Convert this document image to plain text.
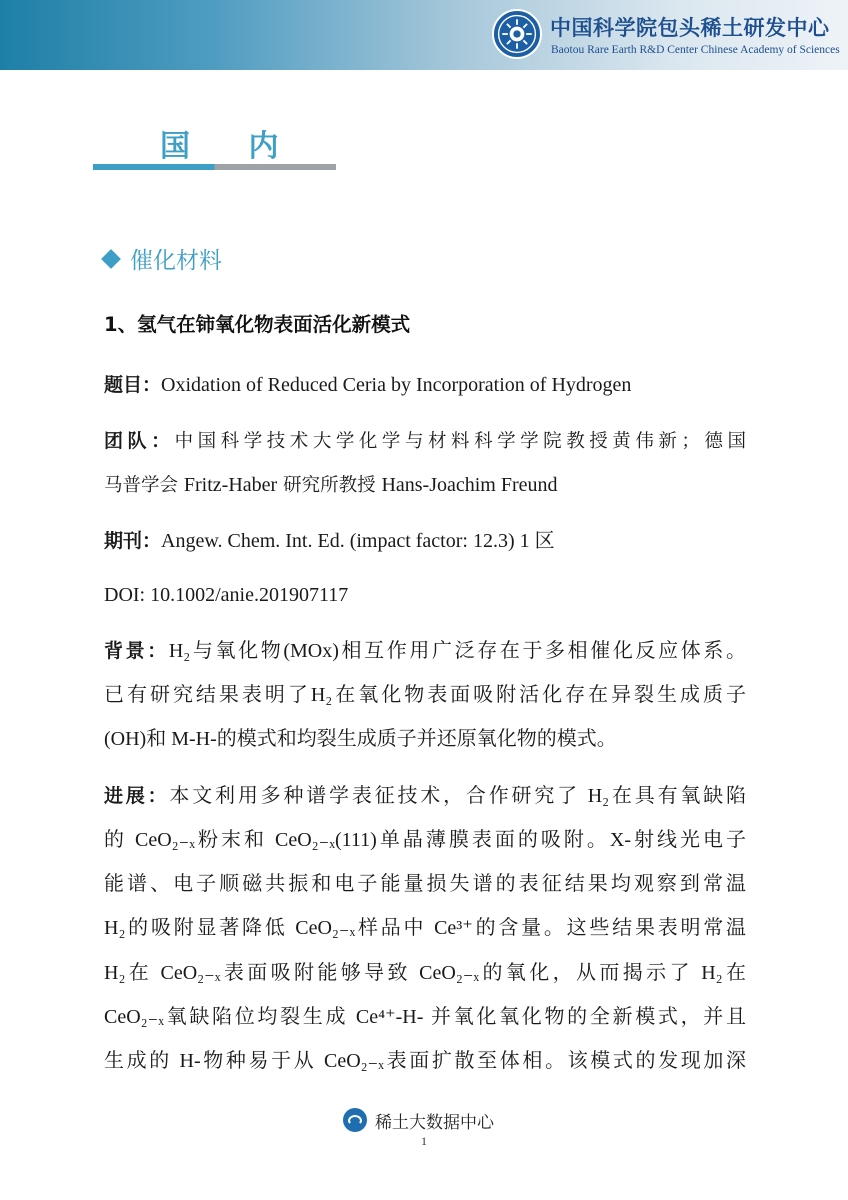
中国科学院包头稀土研发中心
Baotou Rare Earth R&D Center Chinese Academy of Sciences
国 内
催化材料
1、氢气在铈氧化物表面活化新模式
题目：Oxidation of Reduced Ceria by Incorporation of Hydrogen
团队：中国科学技术大学化学与材料科学学院教授黄伟新；德国
马普学会 Fritz-Haber 研究所教授 Hans-Joachim Freund
期刊：Angew. Chem. Int. Ed. (impact factor: 12.3) 1 区
DOI: 10.1002/anie.201907117
背景：H₂与氧化物(MOx)相互作用广泛存在于多相催化反应体系。
已有研究结果表明了H₂在氧化物表面吸附活化存在异裂生成质子
(OH)和 M-H-的模式和均裂生成质子并还原氧化物的模式。
进展：本文利用多种谱学表征技术，合作研究了 H₂在具有氧缺陷
的 CeO₂₋ₓ粉末和 CeO₂₋ₓ(111)单晶薄膜表面的吸附。X-射线光电子
能谱、电子顺磁共振和电子能量损失谱的表征结果均观察到常温
H₂的吸附显著降低 CeO₂₋ₓ样品中 Ce³⁺的含量。这些结果表明常温
H₂在 CeO₂₋ₓ表面吸附能够导致 CeO₂₋ₓ的氧化，从而揭示了 H₂在
CeO₂₋ₓ氧缺陷位均裂生成 Ce⁴⁺-H- 并氧化氧化物的全新模式，并且
生成的 H-物种易于从 CeO₂₋ₓ表面扩散至体相。该模式的发现加深
稀土大数据中心
1
